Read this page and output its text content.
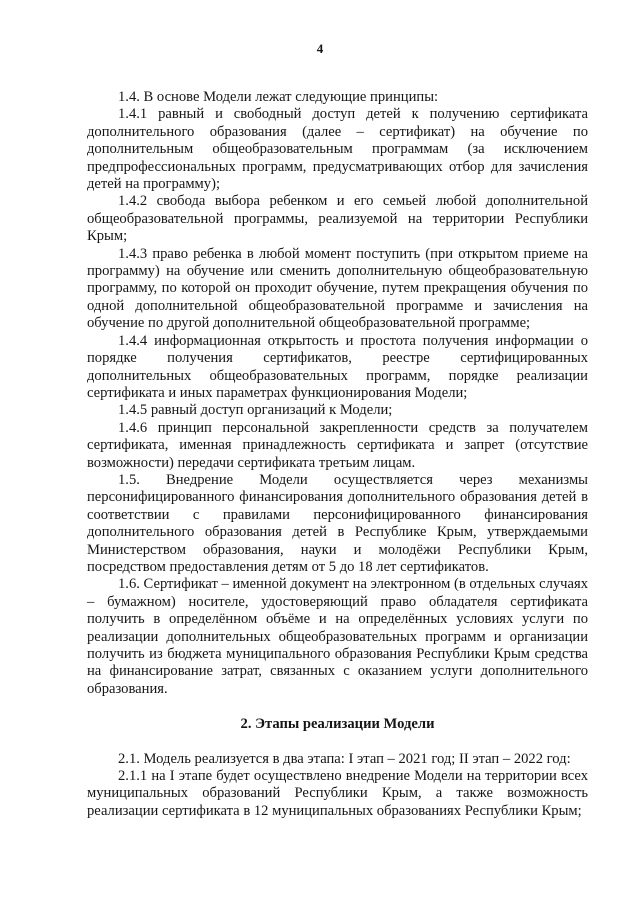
4

1.4. В основе Модели лежат следующие принципы:

1.4.1 равный и свободный доступ детей к получению сертификата дополнительного образования (далее – сертификат) на обучение по дополнительным общеобразовательным программам (за исключением предпрофессиональных программ, предусматривающих отбор для зачисления детей на программу);

1.4.2 свобода выбора ребенком и его семьей любой дополнительной общеобразовательной программы, реализуемой на территории Республики Крым;

1.4.3 право ребенка в любой момент поступить (при открытом приеме на программу) на обучение или сменить дополнительную общеобразовательную программу, по которой он проходит обучение, путем прекращения обучения по одной дополнительной общеобразовательной программе и зачисления на обучение по другой дополнительной общеобразовательной программе;

1.4.4 информационная открытость и простота получения информации о порядке получения сертификатов, реестре сертифицированных дополнительных общеобразовательных программ, порядке реализации сертификата и иных параметрах функционирования Модели;

1.4.5 равный доступ организаций к Модели;

1.4.6 принцип персональной закрепленности средств за получателем сертификата, именная принадлежность сертификата и запрет (отсутствие возможности) передачи сертификата третьим лицам.

1.5. Внедрение Модели осуществляется через механизмы персонифицированного финансирования дополнительного образования детей в соответствии с правилами персонифицированного финансирования дополнительного образования детей в Республике Крым, утверждаемыми Министерством образования, науки и молодёжи Республики Крым, посредством предоставления детям от 5 до 18 лет сертификатов.

1.6. Сертификат – именной документ на электронном (в отдельных случаях – бумажном) носителе, удостоверяющий право обладателя сертификата получить в определённом объёме и на определённых условиях услуги по реализации дополнительных общеобразовательных программ и организации получить из бюджета муниципального образования Республики Крым средства на финансирование затрат, связанных с оказанием услуги дополнительного образования.

2. Этапы реализации Модели

2.1. Модель реализуется в два этапа: I этап – 2021 год; II этап – 2022 год:

2.1.1 на I этапе будет осуществлено внедрение Модели на территории всех муниципальных образований Республики Крым, а также возможность реализации сертификата в 12 муниципальных образованиях Республики Крым;
